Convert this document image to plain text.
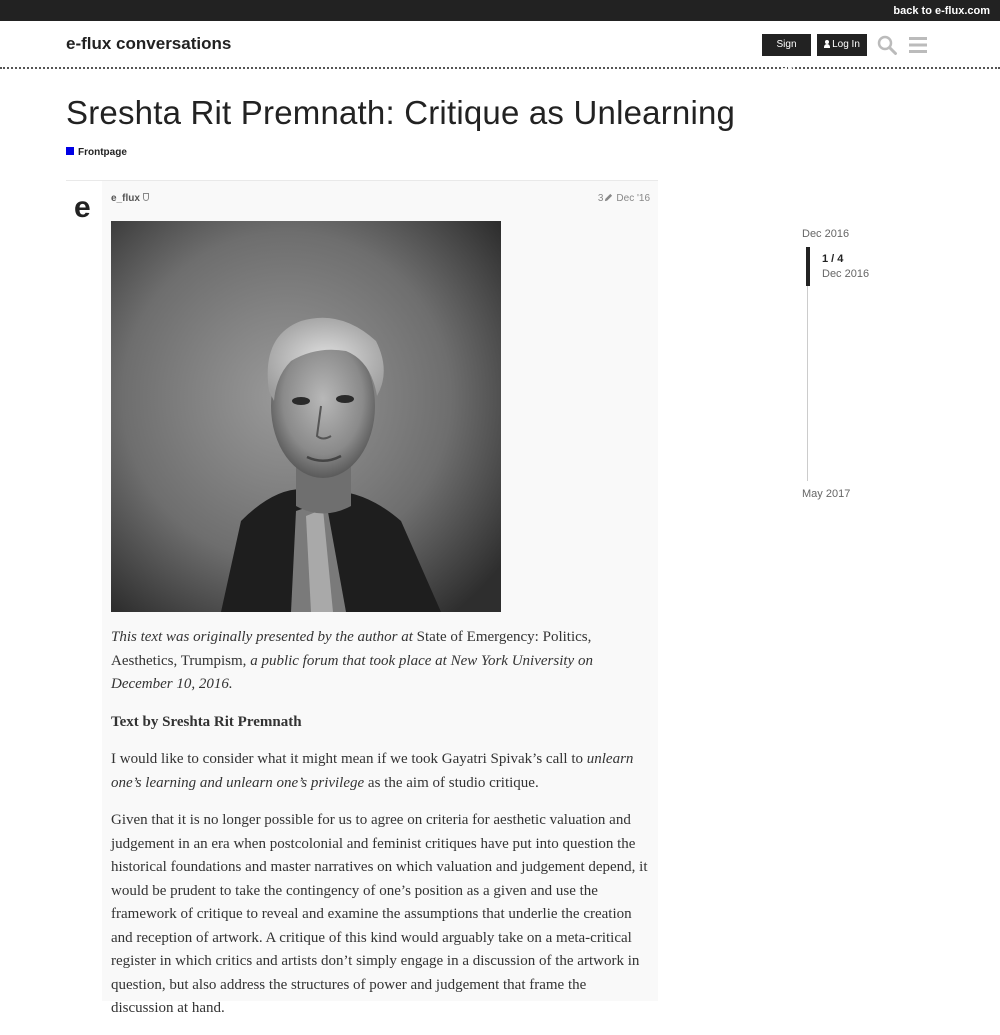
back to e-flux.com
e-flux conversations	Sign Up
Log In
Sreshta Rit Premnath: Critique as Unlearning
Frontpage
e e_flux	3 Dec '16

This text was originally presented by the author at State of Emergency: Politics, Aesthetics, Trumpism, a public forum that took place at New York University on December 10, 2016.

Text by Sreshta Rit Premnath

I would like to consider what it might mean if we took Gayatri Spivak’s call to unlearn one’s learning and unlearn one’s privilege as the aim of studio critique.

Given that it is no longer possible for us to agree on criteria for aesthetic valuation and judgement in an era when postcolonial and feminist critiques have put into question the historical foundations and master narratives on which valuation and judgement depend, it would be prudent to take the contingency of one’s position as a given and use the framework of critique to reveal and examine the assumptions that underlie the creation and reception of artwork. A critique of this kind would arguably take on a meta-critical register in which critics and artists don’t simply engage in a discussion of the artwork in question, but also address the structures of power and judgement that frame the discussion at hand.

Dec 2016
1 / 4
Dec 2016
May 2017
